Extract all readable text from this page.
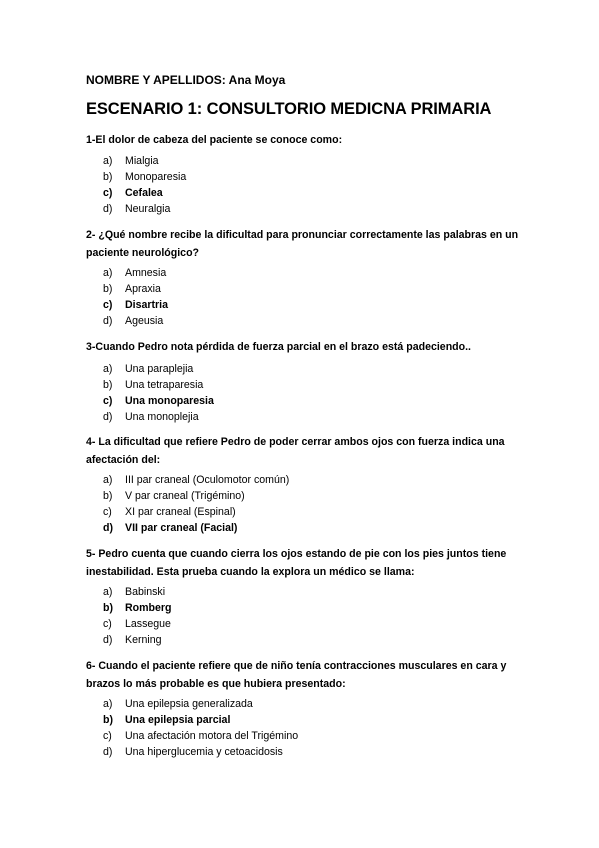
NOMBRE Y APELLIDOS: Ana Moya
ESCENARIO 1: CONSULTORIO MEDICNA PRIMARIA
1-El dolor de cabeza del paciente se conoce como:
a) Mialgia
b) Monoparesia
c) Cefalea
d) Neuralgia
2- ¿Qué nombre recibe la dificultad para pronunciar correctamente las palabras en un paciente neurológico?
a) Amnesia
b) Apraxia
c) Disartria
d) Ageusia
3-Cuando Pedro nota pérdida de fuerza parcial en el brazo está padeciendo..
a) Una paraplejia
b) Una tetraparesia
c) Una monoparesia
d) Una monoplejia
4- La dificultad que refiere Pedro de poder cerrar ambos ojos con fuerza indica una afectación del:
a) III par craneal (Oculomotor común)
b) V par craneal (Trigémino)
c) XI par craneal (Espinal)
d) VII par craneal (Facial)
5- Pedro cuenta que cuando cierra los ojos estando de pie con los pies juntos tiene inestabilidad. Esta prueba cuando la explora un médico se llama:
a) Babinski
b) Romberg
c) Lassegue
d) Kerning
6- Cuando el paciente refiere que de niño tenía contracciones musculares en cara y brazos lo más probable es que hubiera presentado:
a) Una epilepsia generalizada
b) Una epilepsia parcial
c) Una afectación motora del Trigémino
d) Una hiperglucemia y cetoacidosis
